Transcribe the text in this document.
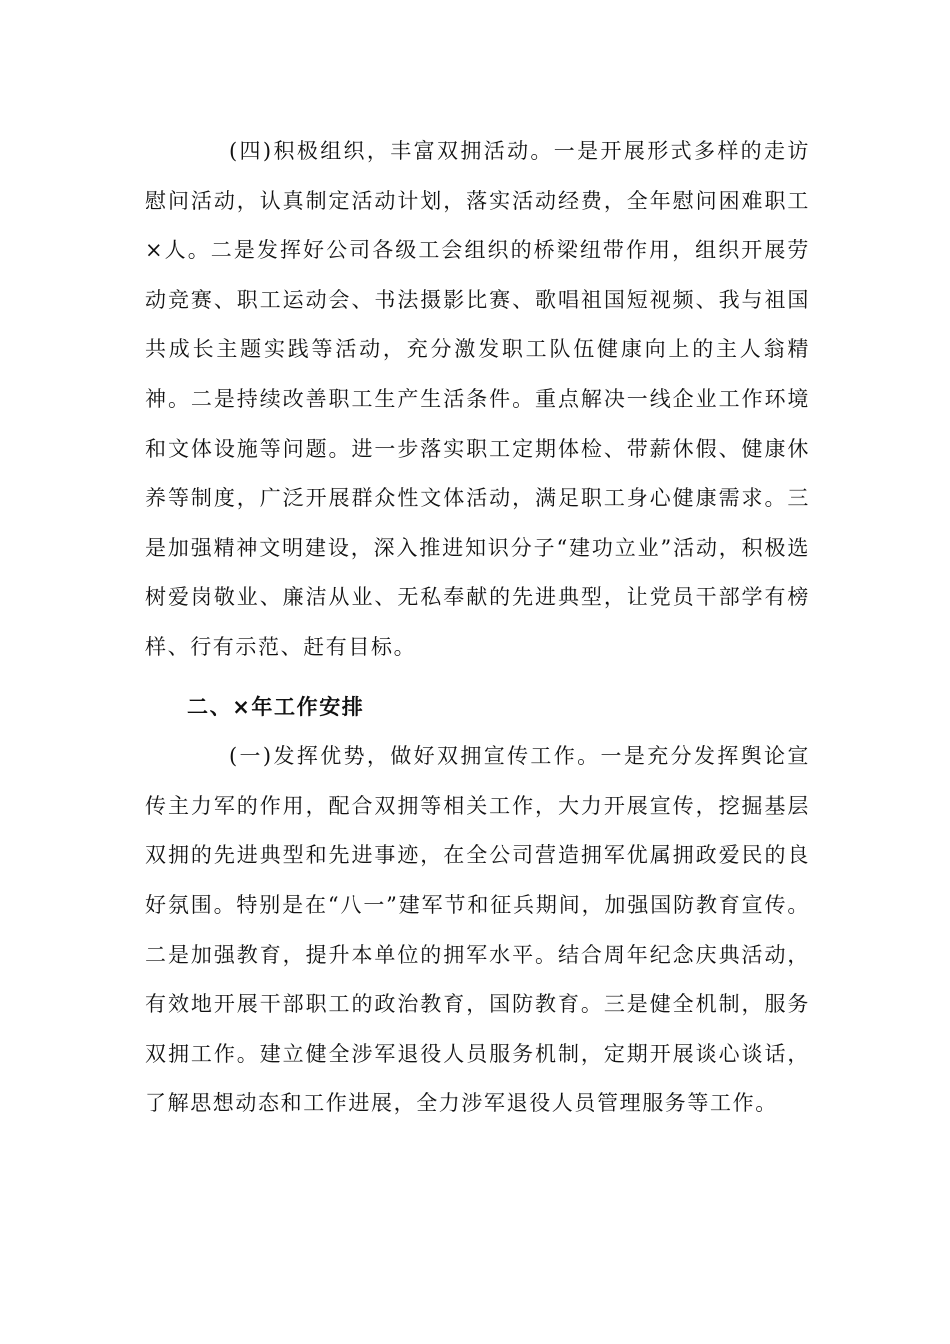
(四)积极组织，丰富双拥活动。一是开展形式多样的走访慰问活动，认真制定活动计划，落实活动经费，全年慰问困难职工×人。二是发挥好公司各级工会组织的桥梁纽带作用，组织开展劳动竞赛、职工运动会、书法摄影比赛、歌唱祖国短视频、我与祖国共成长主题实践等活动，充分激发职工队伍健康向上的主人翁精神。二是持续改善职工生产生活条件。重点解决一线企业工作环境和文体设施等问题。进一步落实职工定期体检、带薪休假、健康休养等制度，广泛开展群众性文体活动，满足职工身心健康需求。三是加强精神文明建设，深入推进知识分子“建功立业”活动，积极选树爱岗敬业、廉洁从业、无私奉献的先进典型，让党员干部学有榜样、行有示范、赶有目标。

二、×年工作安排

(一)发挥优势，做好双拥宣传工作。一是充分发挥舆论宣传主力军的作用，配合双拥等相关工作，大力开展宣传，挖掘基层双拥的先进典型和先进事迹，在全公司营造拥军优属拥政爱民的良好氛围。特别是在“八一”建军节和征兵期间，加强国防教育宣传。二是加强教育，提升本单位的拥军水平。结合周年纪念庆典活动，有效地开展干部职工的政治教育，国防教育。三是健全机制，服务双拥工作。建立健全涉军退役人员服务机制，定期开展谈心谈话，了解思想动态和工作进展，全力涉军退役人员管理服务等工作。
